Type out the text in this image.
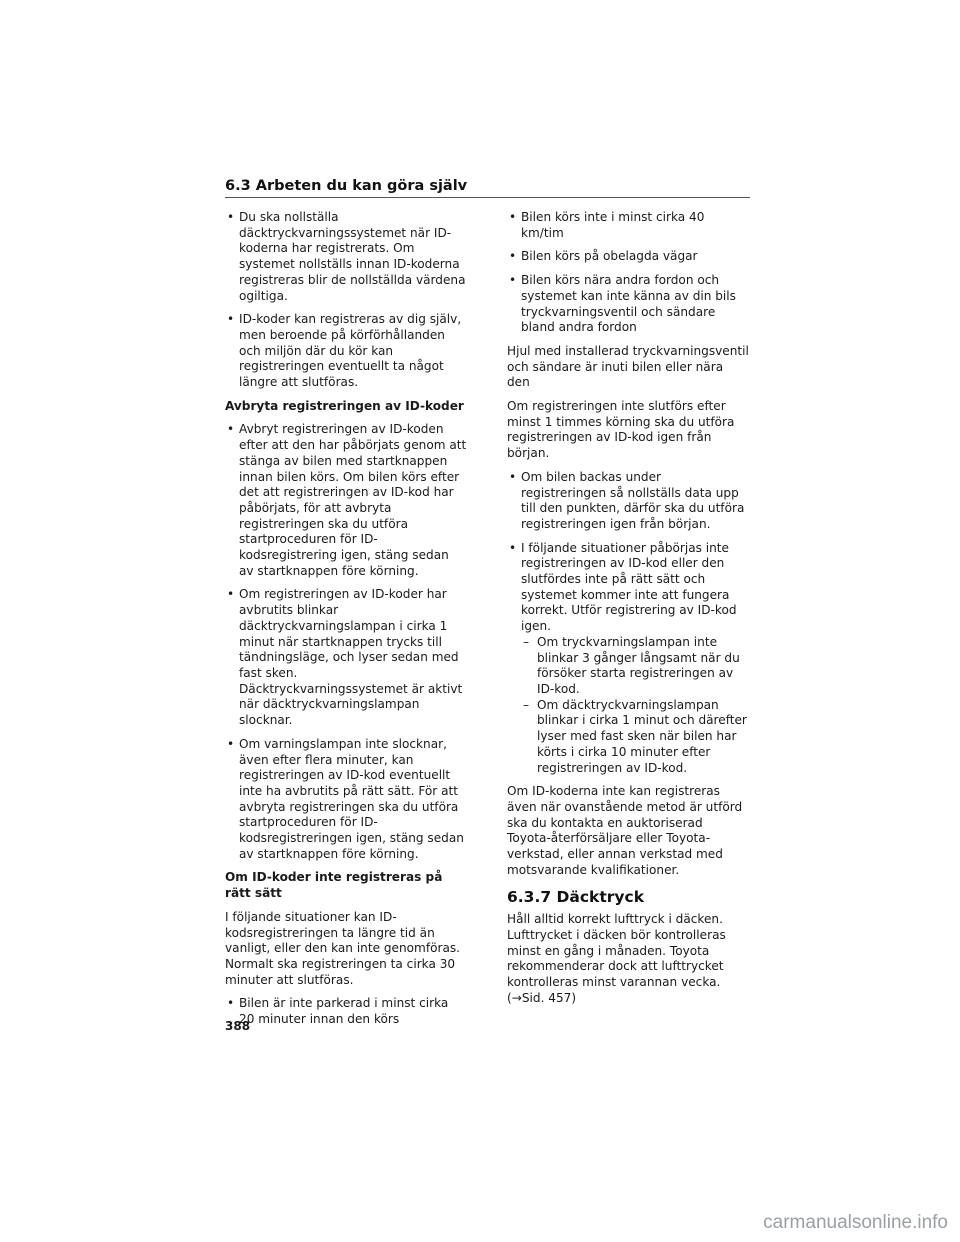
6.3 Arbeten du kan göra själv
• Du ska nollställa däcktryckvarningssystemet när ID-koderna har registrerats. Om systemet nollställs innan ID-koderna registreras blir de nollställda värdena ogiltiga.
• ID-koder kan registreras av dig själv, men beroende på körförhållanden och miljön där du kör kan registreringen eventuellt ta något längre att slutföras.
Avbryta registreringen av ID-koder
• Avbryt registreringen av ID-koden efter att den har påbörjats genom att stänga av bilen med startknappen innan bilen körs. Om bilen körs efter det att registreringen av ID-kod har påbörjats, för att avbryta registreringen ska du utföra startproceduren för ID-kodsregistrering igen, stäng sedan av startknappen före körning.
• Om registreringen av ID-koder har avbrutits blinkar däcktryckvarningslampan i cirka 1 minut när startknappen trycks till tändningsläge, och lyser sedan med fast sken. Däcktryckvarningssystemet är aktivt när däcktryckvarningslampan slocknar.
• Om varningslampan inte slocknar, även efter flera minuter, kan registreringen av ID-kod eventuellt inte ha avbrutits på rätt sätt. För att avbryta registreringen ska du utföra startproceduren för ID-kodsregistreringen igen, stäng sedan av startknappen före körning.
Om ID-koder inte registreras på rätt sätt
I följande situationer kan ID-kodsregistreringen ta längre tid än vanligt, eller den kan inte genomföras. Normalt ska registreringen ta cirka 30 minuter att slutföras.
• Bilen är inte parkerad i minst cirka 20 minuter innan den körs
• Bilen körs inte i minst cirka 40 km/tim
• Bilen körs på obelagda vägar
• Bilen körs nära andra fordon och systemet kan inte känna av din bils tryckvarningsventil och sändare bland andra fordon
Hjul med installerad tryckvarningsventil och sändare är inuti bilen eller nära den
Om registreringen inte slutförs efter minst 1 timmes körning ska du utföra registreringen av ID-kod igen från början.
• Om bilen backas under registreringen så nollställs data upp till den punkten, därför ska du utföra registreringen igen från början.
• I följande situationer påbörjas inte registreringen av ID-kod eller den slutfördes inte på rätt sätt och systemet kommer inte att fungera korrekt. Utför registrering av ID-kod igen.
– Om tryckvarningslampan inte blinkar 3 gånger långsamt när du försöker starta registreringen av ID-kod.
– Om däcktryckvarningslampan blinkar i cirka 1 minut och därefter lyser med fast sken när bilen har körts i cirka 10 minuter efter registreringen av ID-kod.
Om ID-koderna inte kan registreras även när ovanstående metod är utförd ska du kontakta en auktoriserad Toyota-återförsäljare eller Toyota-verkstad, eller annan verkstad med motsvarande kvalifikationer.
6.3.7 Däcktryck
Håll alltid korrekt lufttryck i däcken. Lufttrycket i däcken bör kontrolleras minst en gång i månaden. Toyota rekommenderar dock att lufttrycket kontrolleras minst varannan vecka. (→Sid. 457)
388
carmanualsonline.info
